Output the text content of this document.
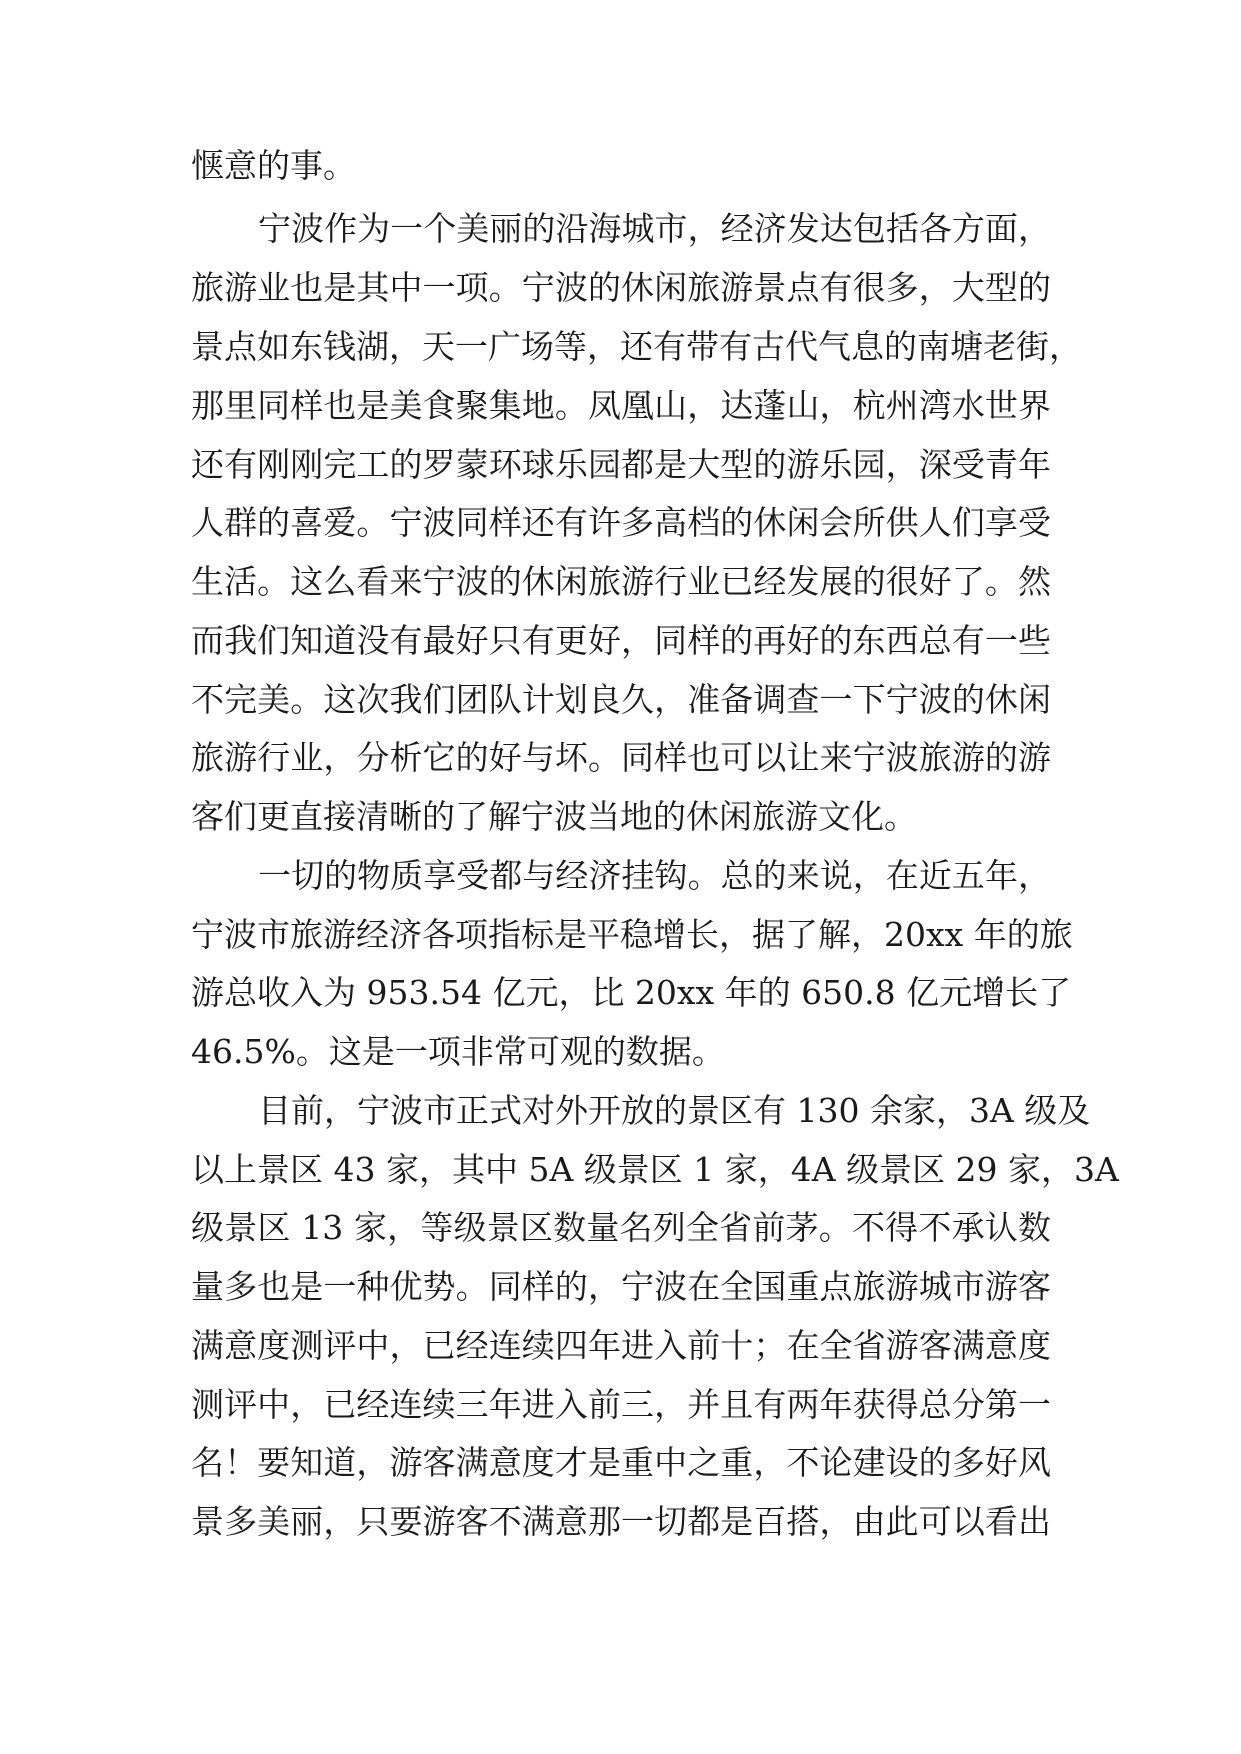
惬意的事。
宁波作为一个美丽的沿海城市，经济发达包括各方面，
旅游业也是其中一项。宁波的休闲旅游景点有很多，大型的
景点如东钱湖，天一广场等，还有带有古代气息的南塘老街，
那里同样也是美食聚集地。凤凰山，达蓬山，杭州湾水世界
还有刚刚完工的罗蒙环球乐园都是大型的游乐园，深受青年
人群的喜爱。宁波同样还有许多高档的休闲会所供人们享受
生活。这么看来宁波的休闲旅游行业已经发展的很好了。然
而我们知道没有最好只有更好，同样的再好的东西总有一些
不完美。这次我们团队计划良久，准备调查一下宁波的休闲
旅游行业，分析它的好与坏。同样也可以让来宁波旅游的游
客们更直接清晰的了解宁波当地的休闲旅游文化。
一切的物质享受都与经济挂钩。总的来说，在近五年，
宁波市旅游经济各项指标是平稳增长，据了解，20xx 年的旅
游总收入为 953.54 亿元，比 20xx 年的 650.8 亿元增长了
46.5%。这是一项非常可观的数据。
目前，宁波市正式对外开放的景区有 130 余家，3A 级及
以上景区 43 家，其中 5A 级景区 1 家，4A 级景区 29 家，3A
级景区 13 家，等级景区数量名列全省前茅。不得不承认数
量多也是一种优势。同样的，宁波在全国重点旅游城市游客
满意度测评中，已经连续四年进入前十；在全省游客满意度
测评中，已经连续三年进入前三，并且有两年获得总分第一
名！要知道，游客满意度才是重中之重，不论建设的多好风
景多美丽，只要游客不满意那一切都是百搭，由此可以看出
